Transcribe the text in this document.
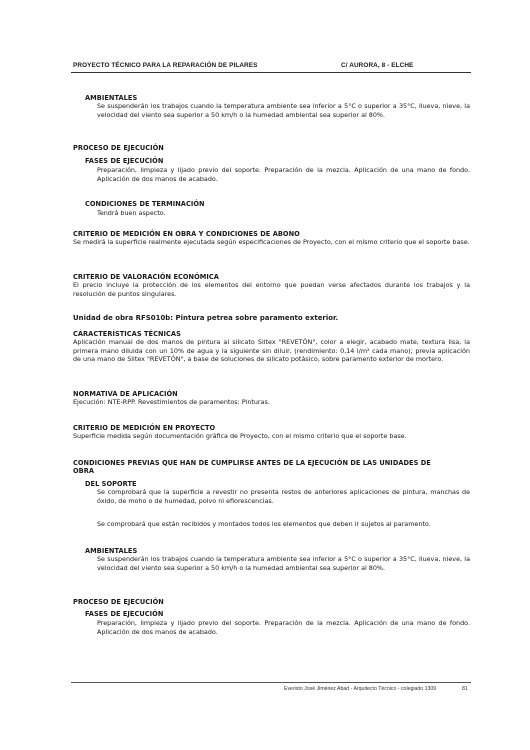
PROYECTO TÉCNICO PARA LA REPARACIÓN DE PILARES	C/ AURORA, 8 - ELCHE
AMBIENTALES
Se suspenderán los trabajos cuando la temperatura ambiente sea inferior a 5°C o superior a 35°C, llueva, nieve, la velocidad del viento sea superior a 50 km/h o la humedad ambiental sea superior al 80%.
PROCESO DE EJECUCIÓN
FASES DE EJECUCIÓN
Preparación, limpieza y lijado previo del soporte. Preparación de la mezcla. Aplicación de una mano de fondo. Aplicación de dos manos de acabado.
CONDICIONES DE TERMINACIÓN
Tendrá buen aspecto.
CRITERIO DE MEDICIÓN EN OBRA Y CONDICIONES DE ABONO
Se medirá la superficie realmente ejecutada según especificaciones de Proyecto, con el mismo criterio que el soporte base.
CRITERIO DE VALORACIÓN ECONÓMICA
El precio incluye la protección de los elementos del entorno que puedan verse afectados durante los trabajos y la resolución de puntos singulares.
Unidad de obra RFS010b: Pintura petrea sobre paramento exterior.
CARACTERÍSTICAS TÉCNICAS
Aplicación manual de dos manos de pintura al silicato Siltex "REVETÓN", color a elegir, acabado mate, textura lisa, la primera mano diluida con un 10% de agua y la siguiente sin diluir, (rendimiento: 0,14 l/m² cada mano); previa aplicación de una mano de Siltex "REVETÓN", a base de soluciones de silicato potásico, sobre paramento exterior de mortero.
NORMATIVA DE APLICACIÓN
Ejecución: NTE-RPP. Revestimientos de paramentos: Pinturas.
CRITERIO DE MEDICIÓN EN PROYECTO
Superficie medida según documentación gráfica de Proyecto, con el mismo criterio que el soporte base.
CONDICIONES PREVIAS QUE HAN DE CUMPLIRSE ANTES DE LA EJECUCIÓN DE LAS UNIDADES DE
OBRA
DEL SOPORTE
Se comprobará que la superficie a revestir no presenta restos de anteriores aplicaciones de pintura, manchas de óxido, de moho o de humedad, polvo ni eflorescencias.
Se comprobará que están recibidos y montados todos los elementos que deben ir sujetos al paramento.
AMBIENTALES
Se suspenderán los trabajos cuando la temperatura ambiente sea inferior a 5°C o superior a 35°C, llueva, nieve, la velocidad del viento sea superior a 50 km/h o la humedad ambiental sea superior al 80%.
PROCESO DE EJECUCIÓN
FASES DE EJECUCIÓN
Preparación, limpieza y lijado previo del soporte. Preparación de la mezcla. Aplicación de una mano de fondo. Aplicación de dos manos de acabado.
Everisto José Jiménez Abad - Arquitecto Técnico - colegiado 1309	81
